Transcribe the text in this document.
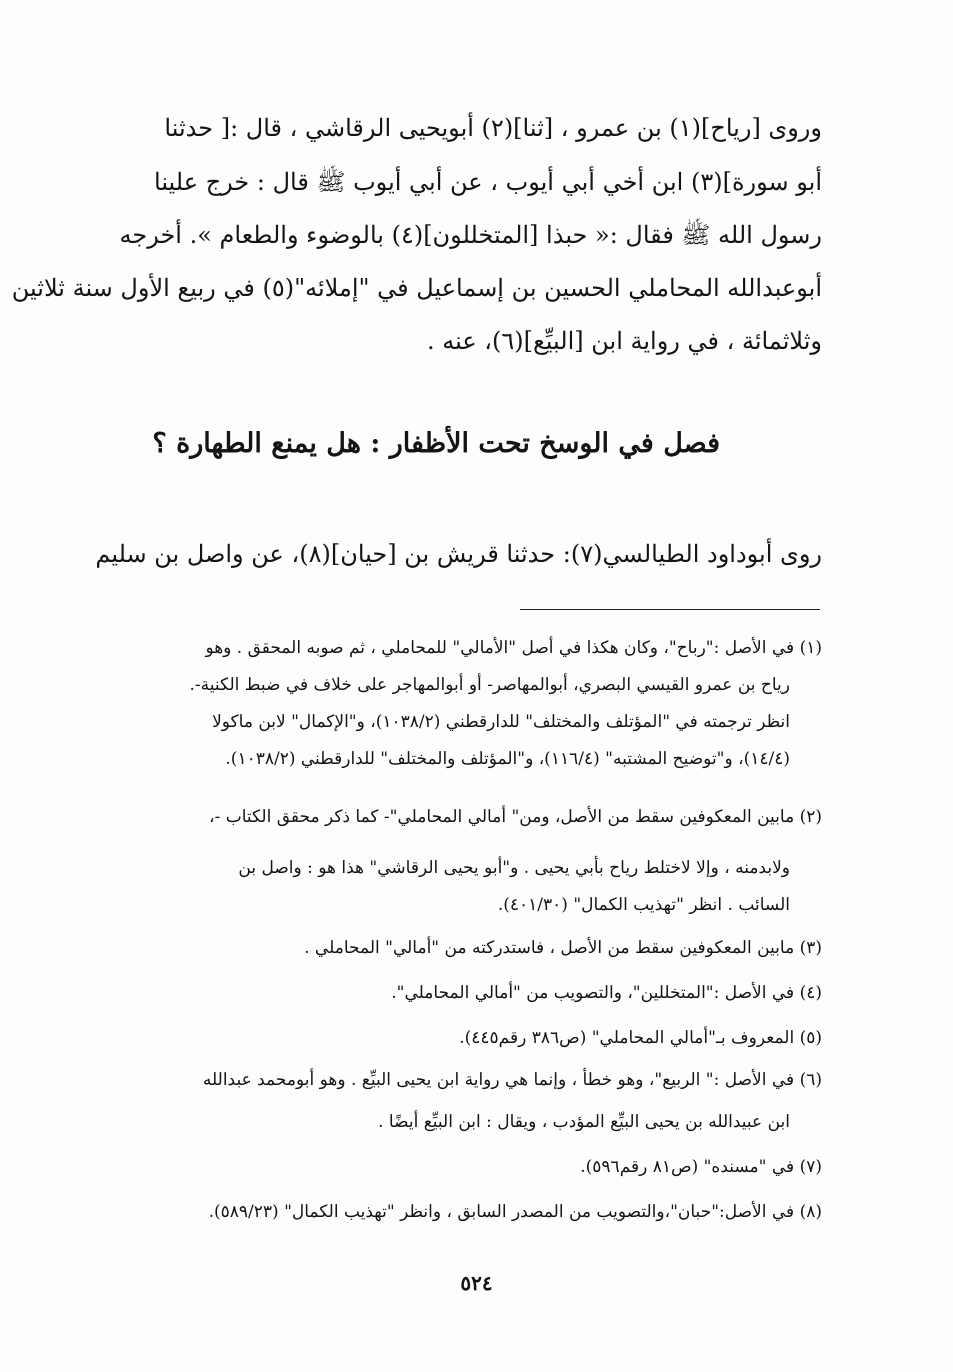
وروى [رياح](١) بن عمرو ، [ثنا](٢) أبويحيى الرقاشي ، قال :[ حدثنا
أبو سورة](٣) ابن أخي أبي أيوب ، عن أبي أيوب ﷺ قال : خرج علينا
رسول الله ﷺ فقال :« حبذا [المتخللون](٤) بالوضوء والطعام ». أخرجه
أبوعبدالله المحاملي الحسين بن إسماعيل في "إملائه"(٥) في ربيع الأول سنة ثلاثين
وثلاثمائة ، في رواية ابن [البيِّع](٦)، عنه .
فصل في الوسخ تحت الأظفار : هل يمنع الطهارة ؟
روى أبوداود الطيالسي(٧): حدثنا قريش بن [حيان](٨)، عن واصل بن سليم
(١) في الأصل :"رباح"، وكان هكذا في أصل "الأمالي" للمحاملي ، ثم صوبه المحقق . وهو
رياح بن عمرو القيسي البصري، أبوالمهاصر- أو أبوالمهاجر على خلاف في ضبط الكنية-.
انظر ترجمته في "المؤتلف والمختلف" للدارقطني (١٠٣٨/٢)، و"الإكمال" لابن ماكولا
(١٤/٤)، و"توضيح المشتبه" (١١٦/٤)، و"المؤتلف والمختلف" للدارقطني (١٠٣٨/٢).
(٢) مابين المعكوفين سقط من الأصل، ومن" أمالي المحاملي"- كما ذكر محقق الكتاب -،
ولابدمنه ، وإلا لاختلط رياح بأبي يحيى . و"أبو يحيى الرقاشي" هذا هو : واصل بن
السائب . انظر "تهذيب الكمال" (٤٠١/٣٠).
(٣) مابين المعكوفين سقط من الأصل ، فاستدركته من "أمالي" المحاملي .
(٤) في الأصل :"المتخللين"، والتصويب من "أمالي المحاملي".
(٥) المعروف بـ"أمالي المحاملي" (ص٣٨٦ رقم٤٤٥).
(٦) في الأصل :" الربيع"، وهو خطأ ، وإنما هي رواية ابن يحيى البيِّع . وهو أبومحمد عبدالله
ابن عبيدالله بن يحيى البيِّع المؤدب ، ويقال : ابن البيِّع أيضًا .
(٧) في "مسنده" (ص٨١ رقم٥٩٦).
(٨) في الأصل:"حبان"،والتصويب من المصدر السابق ، وانظر "تهذيب الكمال" (٥٨٩/٢٣).
٥٢٤
